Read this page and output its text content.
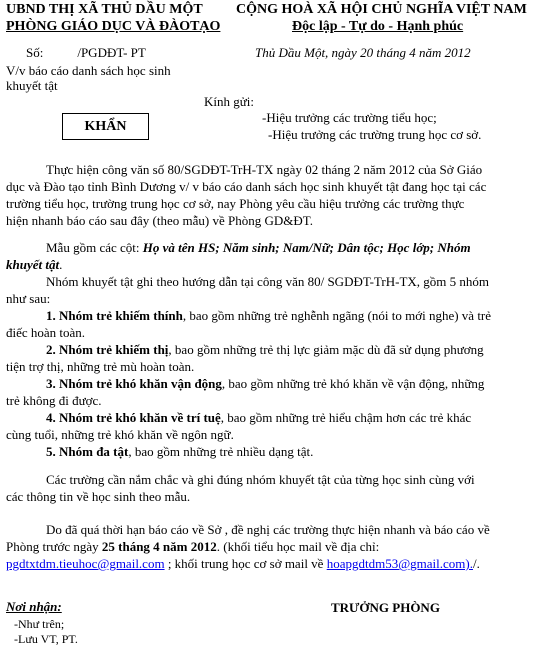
UBND THỊ XÃ THỦ DẦU MỘT
PHÒNG GIÁO DỤC VÀ ĐÀOTẠO
CỘNG HOÀ XÃ HỘI CHỦ NGHĨA VIỆT NAM
Độc lập - Tự do - Hạnh phúc
Số:	/PGDĐT- PT	Thủ Dầu Một, ngày 20 tháng 4 năm 2012
V/v báo cáo danh sách học sinh
khuyết tật
KHẨN
Kính gửi:
-Hiệu trưởng các trường tiểu học;
-Hiệu trưởng các trường trung học cơ sở.
Thực hiện công văn số 80/SGDĐT-TrH-TX ngày 02 tháng 2 năm 2012 của Sở Giáo
dục và Đào tạo tỉnh Bình Dương v/ v báo cáo danh sách học sinh khuyết tật đang học tại các
trường tiểu học, trường trung học cơ sở, nay Phòng yêu cầu hiệu trưởng các trường thực
hiện nhanh báo cáo sau đây (theo mẫu) về Phòng GD&ĐT.
Mẫu gồm các cột: Họ và tên HS; Năm sinh; Nam/Nữ; Dân tộc; Học lớp; Nhóm
khuyết tật.
Nhóm khuyết tật ghi theo hướng dẫn tại công văn 80/ SGDĐT-TrH-TX, gồm 5 nhóm
như sau:
1. Nhóm trẻ khiếm thính, bao gồm những trẻ nghễnh ngãng (nói to mới nghe) và trẻ
điếc hoàn toàn.
2. Nhóm trẻ khiếm thị, bao gồm những trẻ thị lực giảm mặc dù đã sử dụng phương
tiện trợ thị, những trẻ mù hoàn toàn.
3. Nhóm trẻ khó khăn vận động, bao gồm những trẻ khó khăn về vận động, những
trẻ không đi được.
4. Nhóm trẻ khó khăn về trí tuệ, bao gồm những trẻ hiểu chậm hơn các trẻ khác
cùng tuổi, những trẻ khó khăn về ngôn ngữ.
5. Nhóm đa tật, bao gồm những trẻ nhiều dạng tật.
Các trường cần nắm chắc và ghi đúng nhóm khuyết tật của từng học sinh cùng với
các thông tin về học sinh theo mẫu.
Do đã quá thời hạn báo cáo về Sở , đề nghị các trường thực hiện nhanh và báo cáo về
Phòng trước ngày 25 tháng 4 năm 2012. (khối tiểu học mail về địa chỉ:
pgdtxtdm.tieuhoc@gmail.com ; khối trung học cơ sở mail về hoapgdtdm53@gmail.com)./.
Nơi nhận:
-Như trên;
-Lưu VT, PT.
TRƯỞNG PHÒNG
